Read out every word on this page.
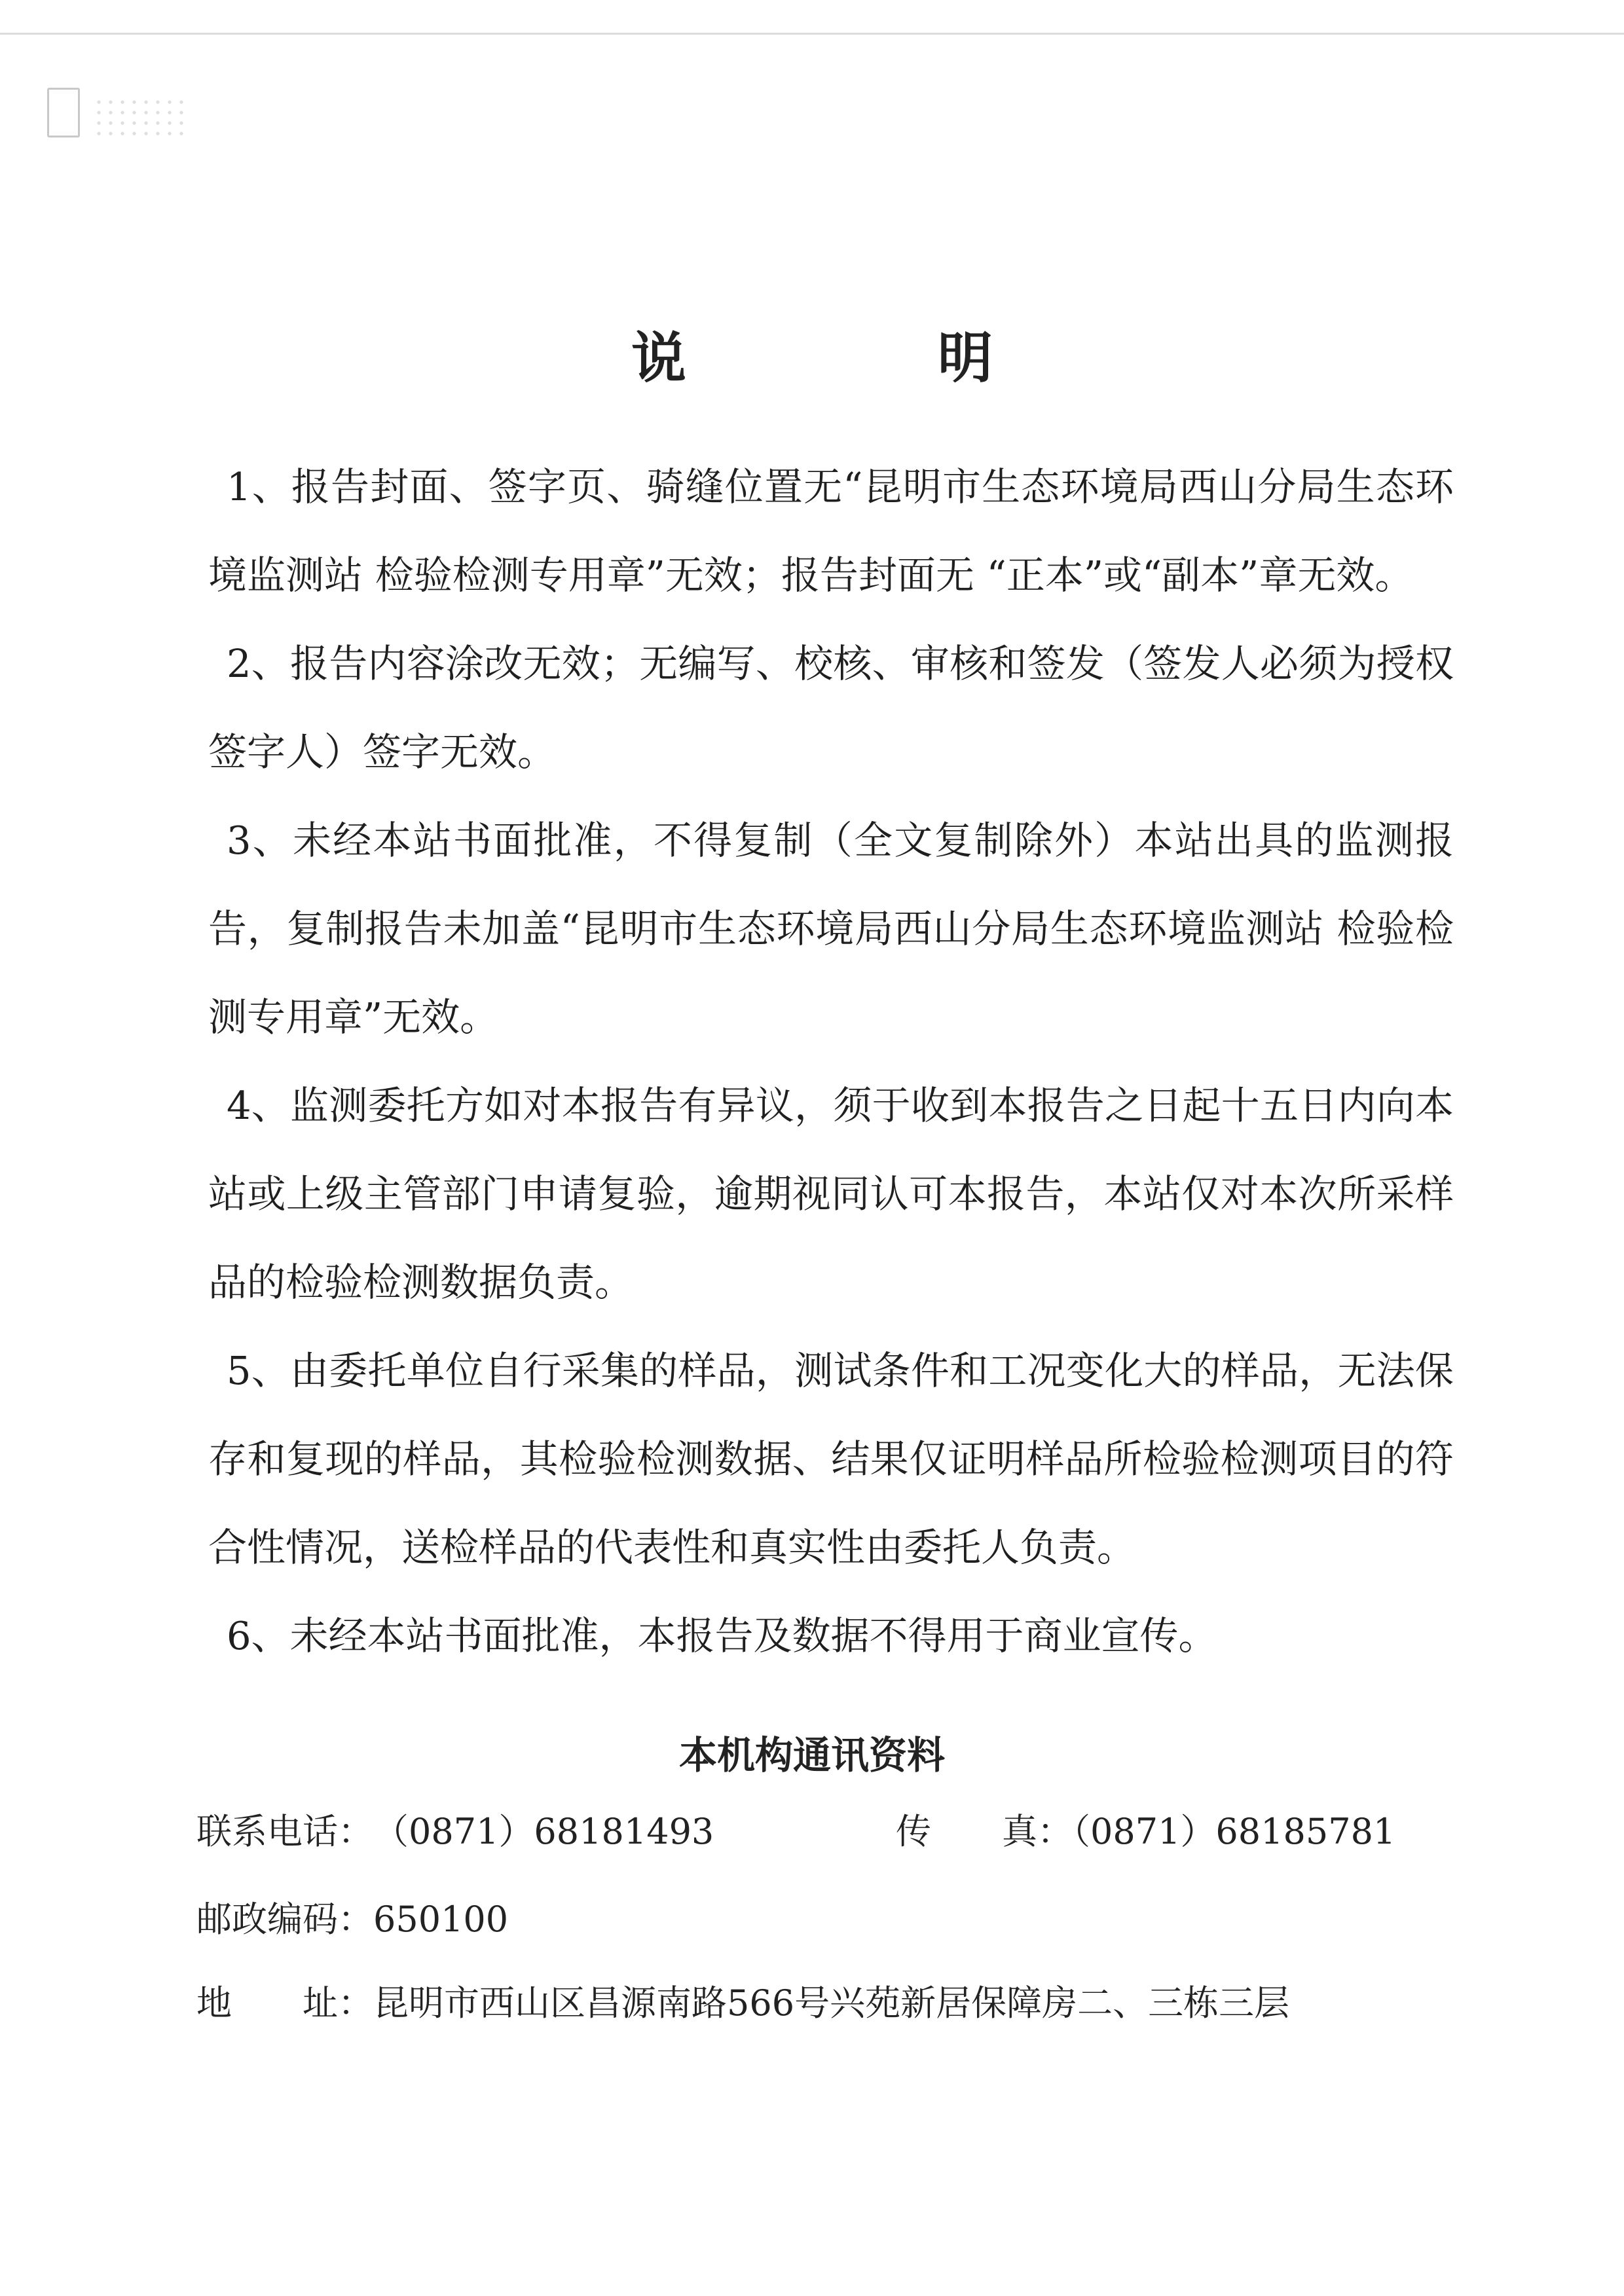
说　明

1、报告封面、签字页、骑缝位置无“昆明市生态环境局西山分局生态环境监测站 检验检测专用章”无效；报告封面无 “正本”或“副本”章无效。

2、报告内容涂改无效；无编写、校核、审核和签发（签发人必须为授权签字人）签字无效。

3、未经本站书面批准，不得复制（全文复制除外）本站出具的监测报告，复制报告未加盖“昆明市生态环境局西山分局生态环境监测站 检验检测专用章”无效。

4、监测委托方如对本报告有异议，须于收到本报告之日起十五日内向本站或上级主管部门申请复验，逾期视同认可本报告，本站仅对本次所采样品的检验检测数据负责。

5、由委托单位自行采集的样品，测试条件和工况变化大的样品，无法保存和复现的样品，其检验检测数据、结果仅证明样品所检验检测项目的符合性情况，送检样品的代表性和真实性由委托人负责。

6、未经本站书面批准，本报告及数据不得用于商业宣传。

本机构通讯资料
联系电话：（0871）68181493	传　　真：（0871）68185781
邮政编码：650100
地　　址：昆明市西山区昌源南路566号兴苑新居保障房二、三栋三层
